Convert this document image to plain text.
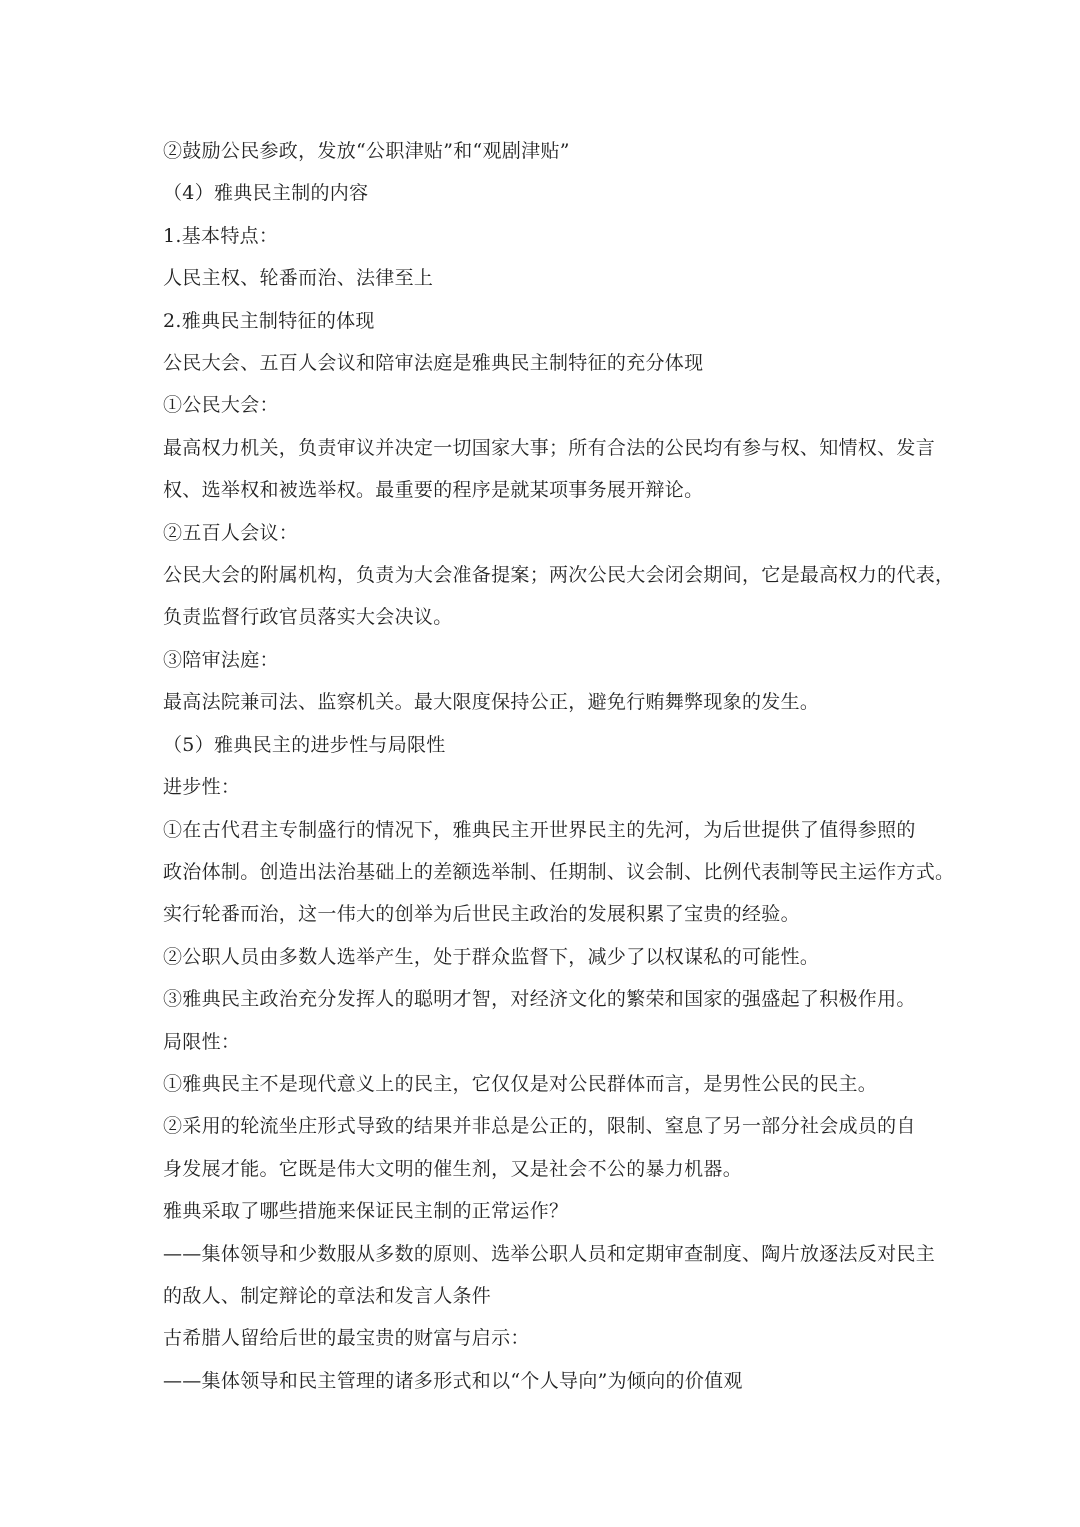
②鼓励公民参政，发放“公职津贴”和“观剧津贴”

（4）雅典民主制的内容

1.基本特点：

人民主权、轮番而治、法律至上

2.雅典民主制特征的体现

公民大会、五百人会议和陪审法庭是雅典民主制特征的充分体现

①公民大会：

最高权力机关，负责审议并决定一切国家大事；所有合法的公民均有参与权、知情权、发言

权、选举权和被选举权。最重要的程序是就某项事务展开辩论。

②五百人会议：

公民大会的附属机构，负责为大会准备提案；两次公民大会闭会期间，它是最高权力的代表，

负责监督行政官员落实大会决议。

③陪审法庭：

最高法院兼司法、监察机关。最大限度保持公正，避免行贿舞弊现象的发生。

（5）雅典民主的进步性与局限性

进步性：

①在古代君主专制盛行的情况下，雅典民主开世界民主的先河，为后世提供了值得参照的

政治体制。创造出法治基础上的差额选举制、任期制、议会制、比例代表制等民主运作方式。

实行轮番而治，这一伟大的创举为后世民主政治的发展积累了宝贵的经验。

②公职人员由多数人选举产生，处于群众监督下，减少了以权谋私的可能性。

③雅典民主政治充分发挥人的聪明才智，对经济文化的繁荣和国家的强盛起了积极作用。

局限性：

①雅典民主不是现代意义上的民主，它仅仅是对公民群体而言，是男性公民的民主。

②采用的轮流坐庄形式导致的结果并非总是公正的，限制、窒息了另一部分社会成员的自

身发展才能。它既是伟大文明的催生剂，又是社会不公的暴力机器。

雅典采取了哪些措施来保证民主制的正常运作？

——集体领导和少数服从多数的原则、选举公职人员和定期审查制度、陶片放逐法反对民主

的敌人、制定辩论的章法和发言人条件

古希腊人留给后世的最宝贵的财富与启示：

——集体领导和民主管理的诸多形式和以“个人导向”为倾向的价值观
